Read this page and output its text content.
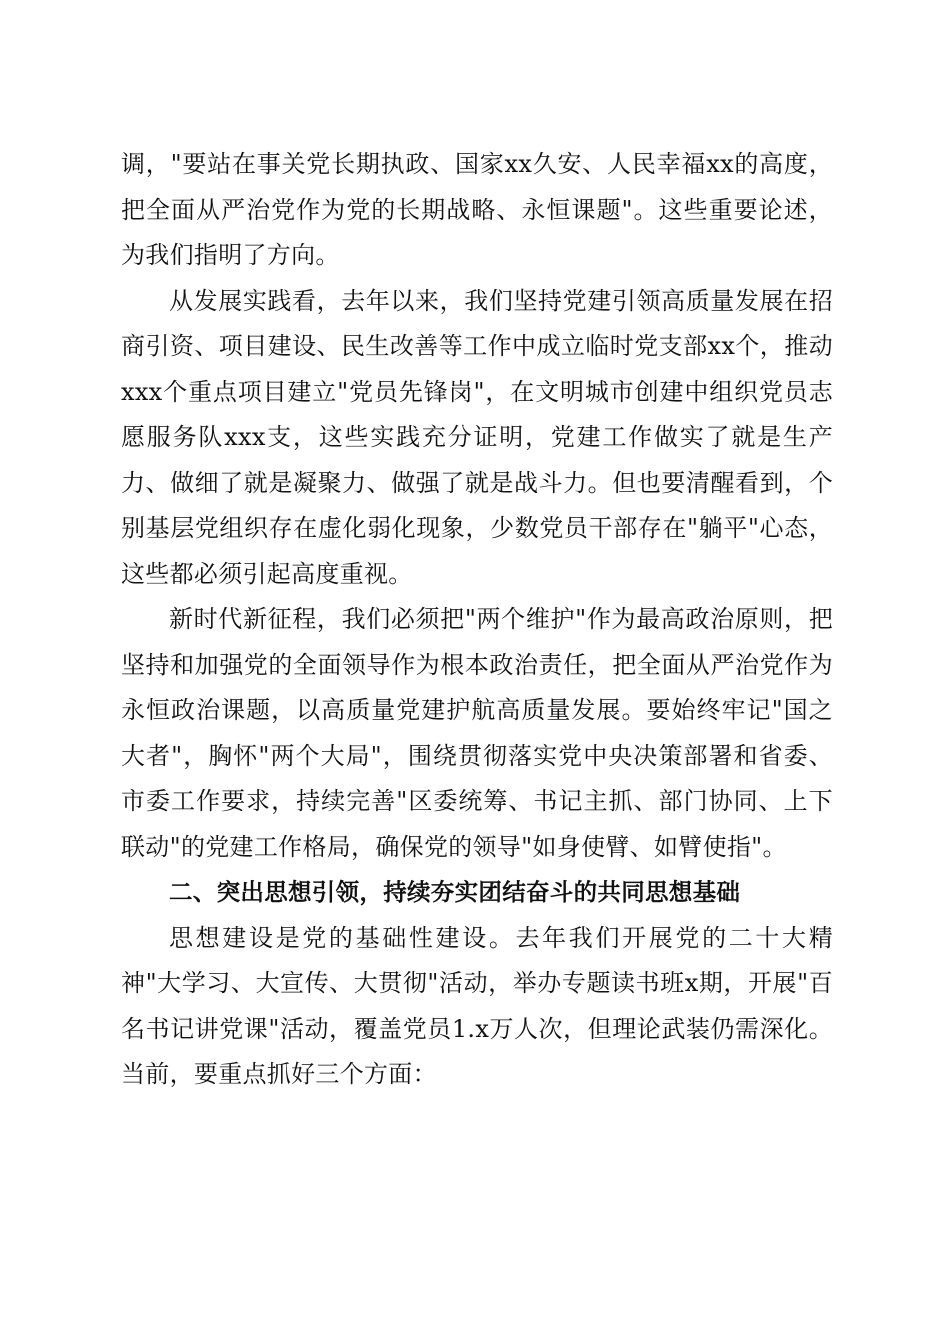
调，"要站在事关党长期执政、国家xx久安、人民幸福xx的高度，把全面从严治党作为党的长期战略、永恒课题"。这些重要论述，为我们指明了方向。

从发展实践看，去年以来，我们坚持党建引领高质量发展在招商引资、项目建设、民生改善等工作中成立临时党支部xx个，推动xxx个重点项目建立"党员先锋岗"，在文明城市创建中组织党员志愿服务队xxx支，这些实践充分证明，党建工作做实了就是生产力、做细了就是凝聚力、做强了就是战斗力。但也要清醒看到，个别基层党组织存在虚化弱化现象，少数党员干部存在"躺平"心态，这些都必须引起高度重视。

新时代新征程，我们必须把"两个维护"作为最高政治原则，把坚持和加强党的全面领导作为根本政治责任，把全面从严治党作为永恒政治课题，以高质量党建护航高质量发展。要始终牢记"国之大者"，胸怀"两个大局"，围绕贯彻落实党中央决策部署和省委、市委工作要求，持续完善"区委统筹、书记主抓、部门协同、上下联动"的党建工作格局，确保党的领导"如身使臂、如臂使指"。

二、突出思想引领，持续夯实团结奋斗的共同思想基础

思想建设是党的基础性建设。去年我们开展党的二十大精神"大学习、大宣传、大贯彻"活动，举办专题读书班x期，开展"百名书记讲党课"活动，覆盖党员1.x万人次，但理论武装仍需深化。当前，要重点抓好三个方面：
